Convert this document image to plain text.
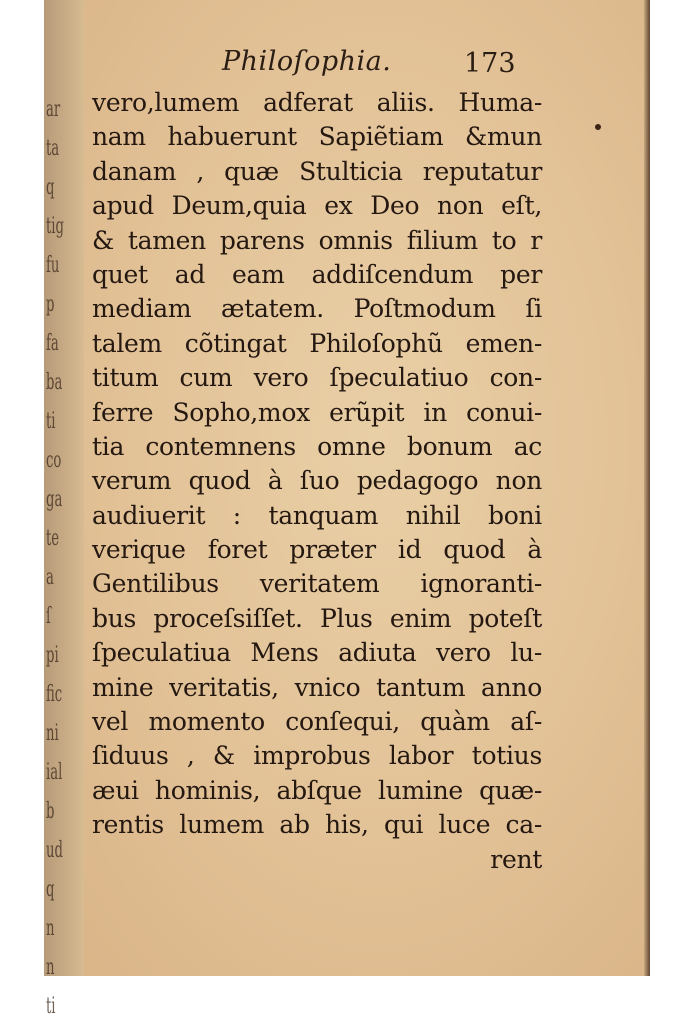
ar
ta
q
tig
fu
p
fa
ba
ti
co
ga
te
a
ſ
pi
fic
ni
ial
b
ud
q
n
n
ti
Philoſophia.	173
vero,lumem adferat aliis. Huma-
nam habuerunt Sapiẽtiam &mun
danam , quæ Stulticia reputatur
apud Deum,quia ex Deo non eſt,
& tamen parens omnis filium to r
quet ad eam addiſcendum per
mediam ætatem. Poſtmodum ſi
talem cõtingat Philoſophũ emen-
titum cum vero ſpeculatiuo con-
ferre Sopho,mox erũpit in conui-
tia contemnens omne bonum ac
verum quod à ſuo pedagogo non
audiuerit : tanquam nihil boni
verique foret præter id quod à
Gentilibus veritatem ignoranti-
bus proceſsiſſet. Plus enim poteſt
ſpeculatiua Mens adiuta vero lu-
mine veritatis, vnico tantum anno
vel momento conſequi, quàm aſ-
ſiduus , & improbus labor totius
æui hominis, abſque lumine quæ-
rentis lumem ab his, qui luce ca-
rent
